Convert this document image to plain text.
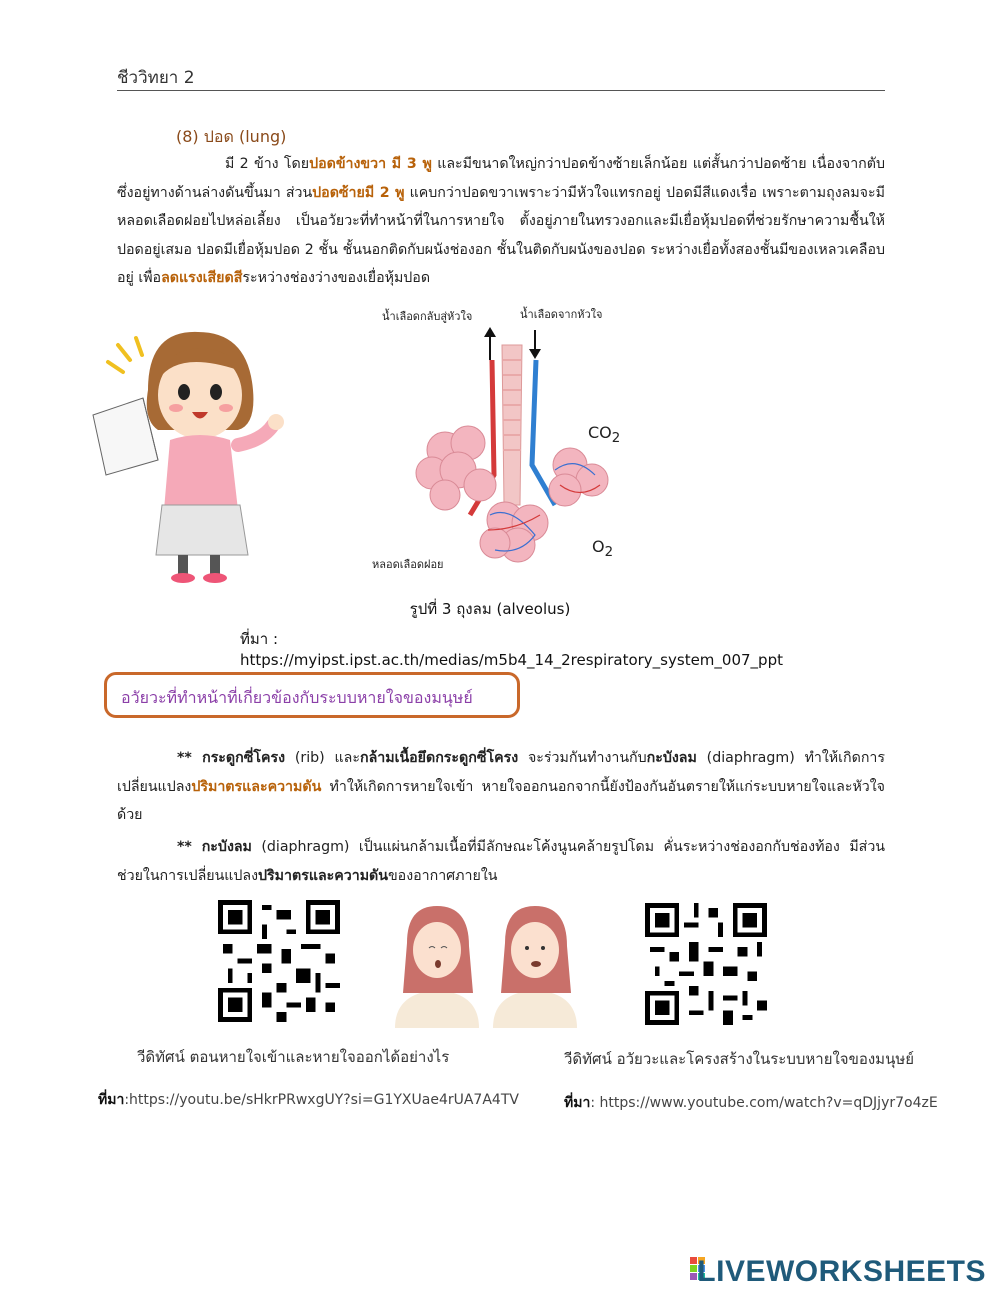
ชีววิทยา 2
(8) ปอด (lung)
มี 2 ข้าง โดยปอดข้างขวา มี 3 พู และมีขนาดใหญ่กว่าปอดข้างซ้ายเล็กน้อย แต่สั้นกว่าปอดซ้าย เนื่องจากตับซึ่งอยู่ทางด้านล่างดันขึ้นมา ส่วนปอดซ้ายมี 2 พู แคบกว่าปอดขวาเพราะว่ามีหัวใจแทรกอยู่ ปอดมีสีแดงเรื่อ เพราะตามถุงลมจะมีหลอดเลือดฝอยไปหล่อเลี้ยง เป็นอวัยวะที่ทำหน้าที่ในการหายใจ ตั้งอยู่ภายในทรวงอกและมีเยื่อหุ้มปอดที่ช่วยรักษาความชื้นให้ปอดอยู่เสมอ ปอดมีเยื่อหุ้มปอด 2 ชั้น ชั้นนอกติดกับผนังช่องอก ชั้นในติดกับผนังของปอด ระหว่างเยื่อทั้งสองชั้นมีของเหลวเคลือบอยู่ เพื่อลดแรงเสียดสีระหว่างช่องว่างของเยื่อหุ้มปอด
น้ำเลือดกลับสู่หัวใจ	น้ำเลือดจากหัวใจ
$CO_2$
$O_2$
หลอดเลือดฝอย
รูปที่ 3 ถุงลม (alveolus)
ที่มา : https://myipst.ipst.ac.th/medias/m5b4_14_2respiratory_system_007_ppt
อวัยวะที่ทำหน้าที่เกี่ยวข้องกับระบบหายใจของมนุษย์
** กระดูกซี่โครง (rib) และกล้ามเนื้อยึดกระดูกซี่โครง จะร่วมกันทำงานกับกะบังลม (diaphragm) ทำให้เกิดการเปลี่ยนแปลงปริมาตรและความดัน ทำให้เกิดการหายใจเข้า หายใจออกนอกจากนี้ยังป้องกันอันตรายให้แก่ระบบหายใจและหัวใจด้วย
** กะบังลม (diaphragm) เป็นแผ่นกล้ามเนื้อที่มีลักษณะโค้งนูนคล้ายรูปโดม คั่นระหว่างช่องอกกับช่องท้อง มีส่วนช่วยในการเปลี่ยนแปลงปริมาตรและความดันของอากาศภายใน
วีดิทัศน์ ตอนหายใจเข้าและหายใจออกได้อย่างไร
ที่มา:https://youtu.be/sHkrPRwxgUY?si=G1YXUae4rUA7A4TV
วีดิทัศน์ อวัยวะและโครงสร้างในระบบหายใจของมนุษย์
ที่มา: https://www.youtube.com/watch?v=qDJjyr7o4zE
LIVEWORKSHEETS
